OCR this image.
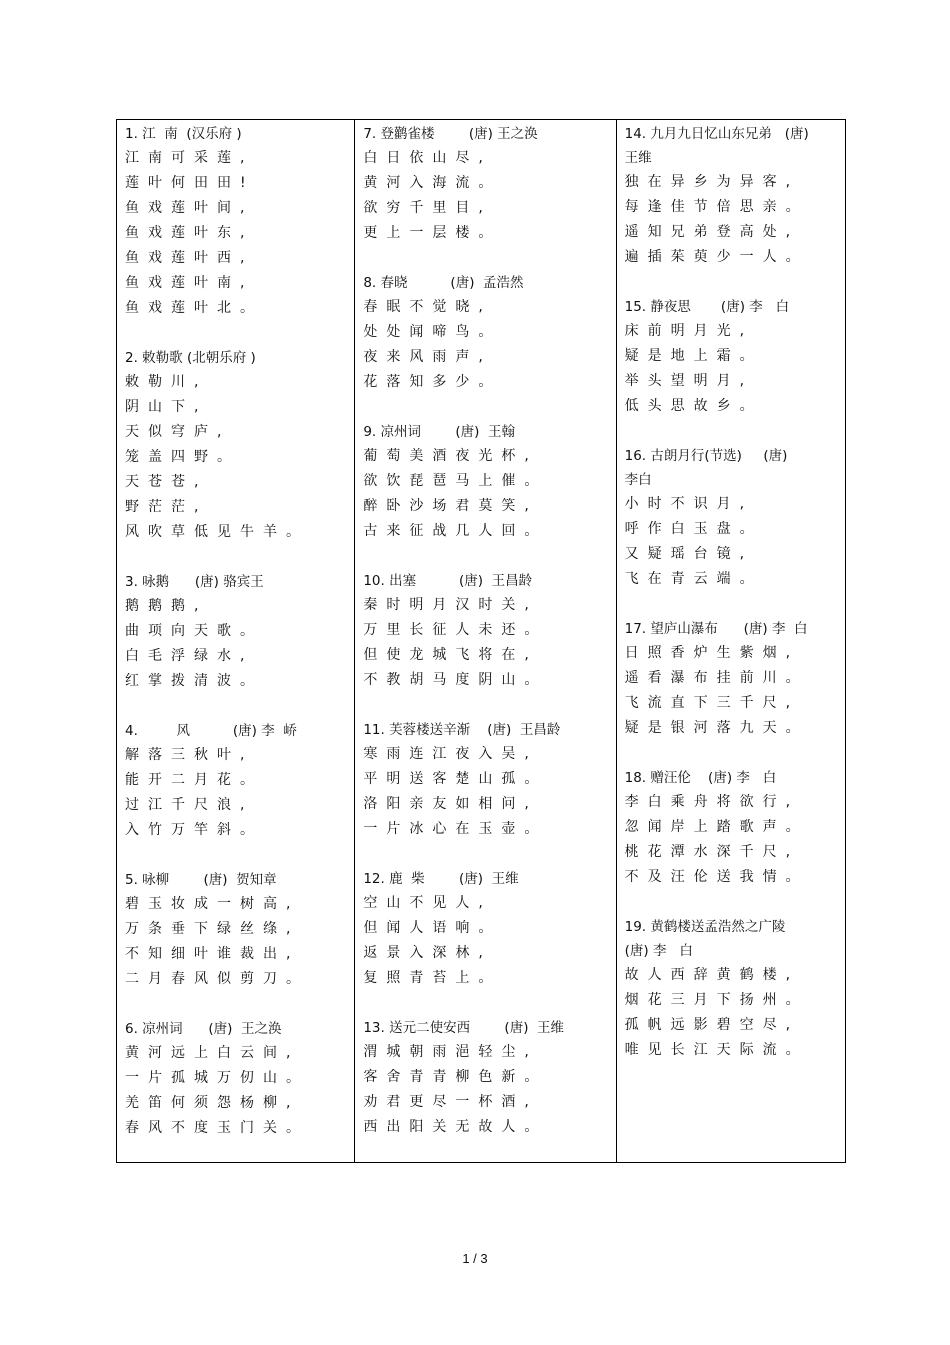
1. 江  南  (汉乐府 )
江南可采莲,
莲叶何田田!
鱼戏莲叶间,
鱼戏莲叶东,
鱼戏莲叶西,
鱼戏莲叶南,
鱼戏莲叶北。
2. 敕勒歌 (北朝乐府 )
敕勒川,
阴山下,
天似穹庐,
笼盖四野。
天苍苍,
野茫茫,
风吹草低见牛羊。
3. 咏鹅      (唐) 骆宾王
鹅鹅鹅,
曲项向天歌。
白毛浮绿水,
红掌拨清波。
4.         风          (唐) 李  峤
解落三秋叶,
能开二月花。
过江千尺浪,
入竹万竿斜。
5. 咏柳        (唐)  贺知章
碧玉妆成一树高,
万条垂下绿丝绦,
不知细叶谁裁出,
二月春风似剪刀。
6. 凉州词      (唐)  王之涣
黄河远上白云间,
一片孤城万仞山。
羌笛何须怨杨柳,
春风不度玉门关。
7. 登鹳雀楼        (唐) 王之涣
白日依山尽,
黄河入海流。
欲穷千里目,
更上一层楼。
8. 春晓          (唐)  孟浩然
春眠不觉晓,
处处闻啼鸟。
夜来风雨声,
花落知多少。
9. 凉州词        (唐)  王翰
葡萄美酒夜光杯,
欲饮琵琶马上催。
醉卧沙场君莫笑,
古来征战几人回。
10. 出塞          (唐)  王昌龄
秦时明月汉时关,
万里长征人未还。
但使龙城飞将在,
不教胡马度阴山。
11. 芙蓉楼送辛渐    (唐)  王昌龄
寒雨连江夜入吴,
平明送客楚山孤。
洛阳亲友如相问,
一片冰心在玉壶。
12. 鹿  柴        (唐)  王维
空山不见人,
但闻人语响。
返景入深林,
复照青苔上。
13. 送元二使安西        (唐)  王维
渭城朝雨浥轻尘,
客舍青青柳色新。
劝君更尽一杯酒,
西出阳关无故人。
14. 九月九日忆山东兄弟   (唐)
王维
独在异乡为异客,
每逢佳节倍思亲。
遥知兄弟登高处,
遍插茱萸少一人。
15. 静夜思       (唐) 李   白
床前明月光,
疑是地上霜。
举头望明月,
低头思故乡。
16. 古朗月行(节选)     (唐)
李白
小时不识月,
呼作白玉盘。
又疑瑶台镜,
飞在青云端。
17. 望庐山瀑布      (唐) 李  白
日照香炉生紫烟,
遥看瀑布挂前川。
飞流直下三千尺,
疑是银河落九天。
18. 赠汪伦    (唐) 李   白
李白乘舟将欲行,
忽闻岸上踏歌声。
桃花潭水深千尺,
不及汪伦送我情。
19. 黄鹤楼送孟浩然之广陵
(唐) 李   白
故人西辞黄鹤楼,
烟花三月下扬州。
孤帆远影碧空尽,
唯见长江天际流。
1 / 3
